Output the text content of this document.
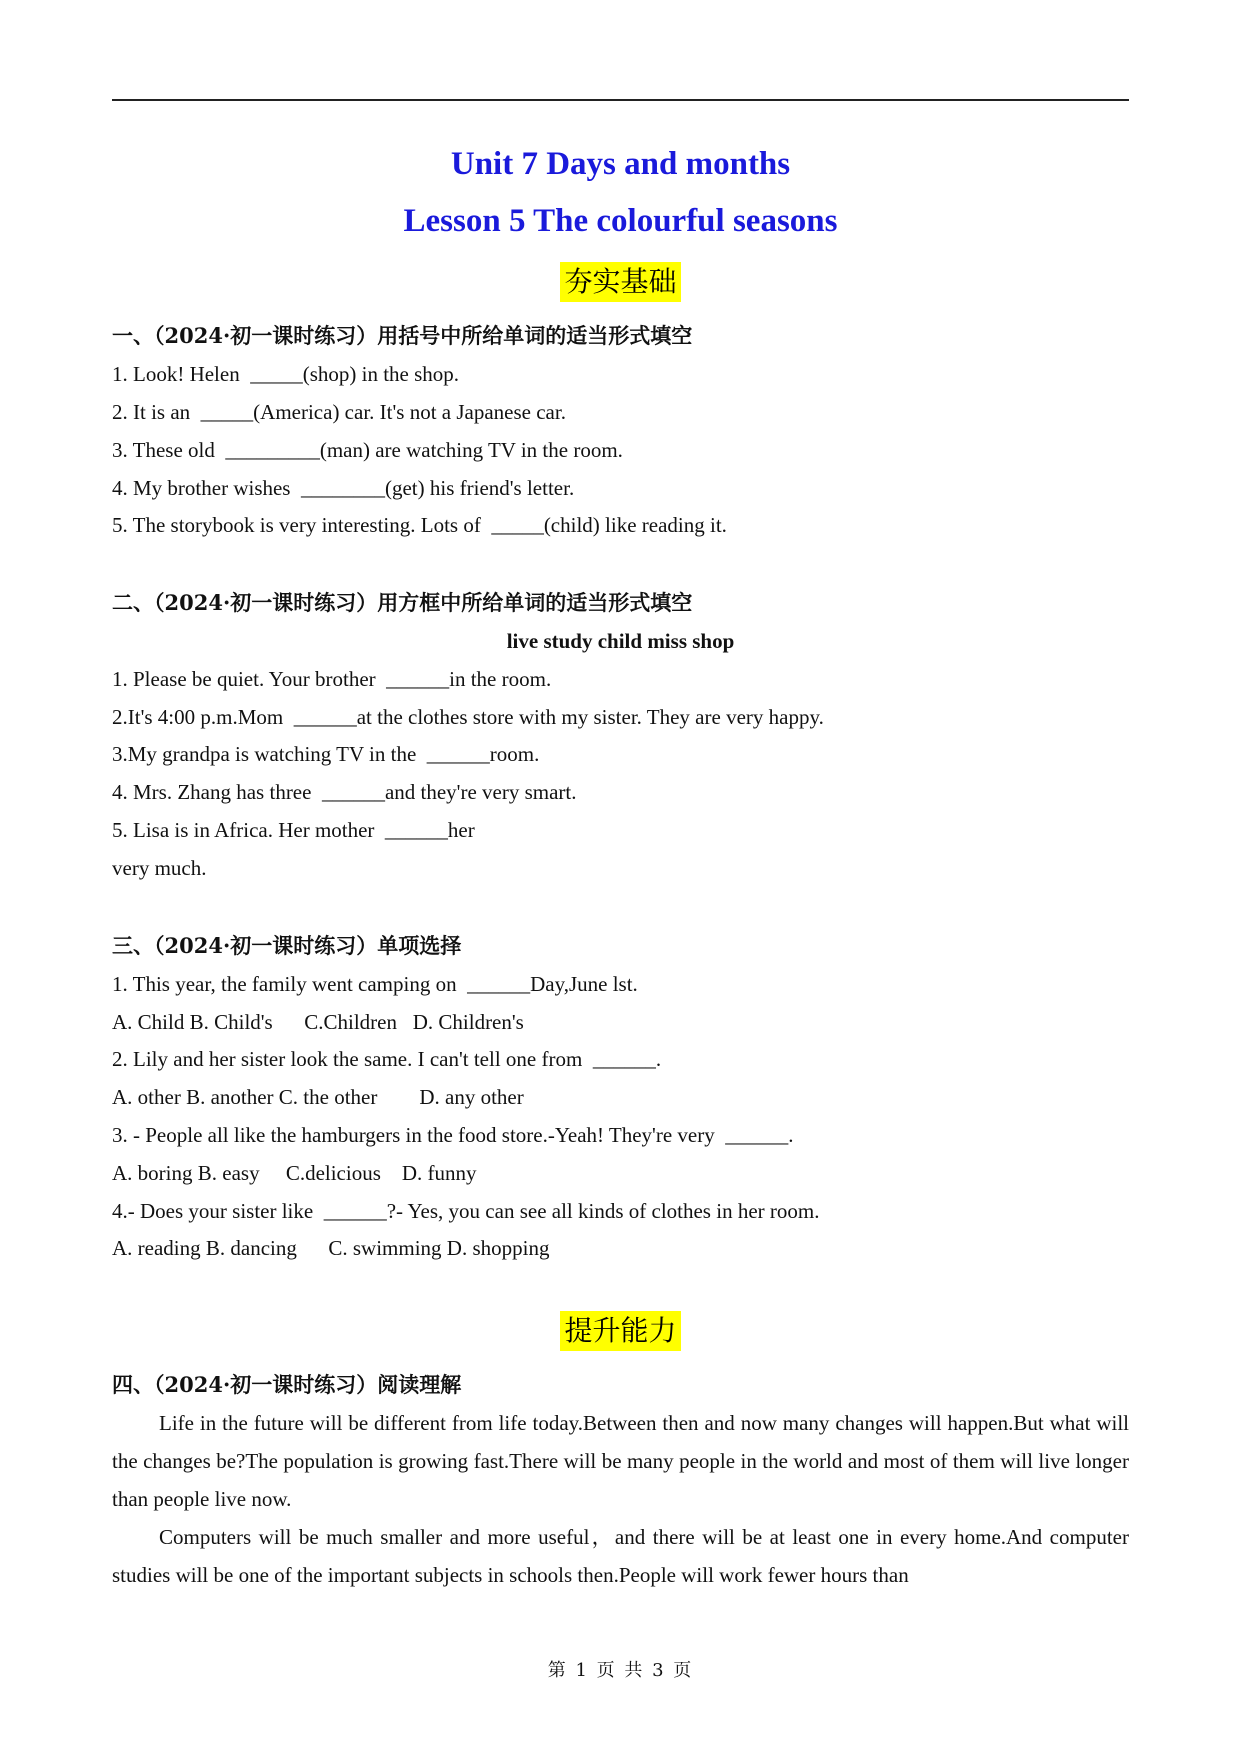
Unit 7 Days and months
Lesson 5 The colourful seasons
夯实基础
一、（2024·初一课时练习）用括号中所给单词的适当形式填空
1. Look! Helen  _____(shop) in the shop.
2. It is an  _____(America) car. It's not a Japanese car.
3. These old  _________(man) are watching TV in the room.
4. My brother wishes  ________(get) his friend's letter.
5. The storybook is very interesting. Lots of  _____(child) like reading it.
二、（2024·初一课时练习）用方框中所给单词的适当形式填空
live study child miss shop
1. Please be quiet. Your brother  ______in the room.
2.It's 4:00 p.m.Mom  ______at the clothes store with my sister. They are very happy.
3.My grandpa is watching TV in the  ______room.
4. Mrs. Zhang has three  ______and they're very smart.
5. Lisa is in Africa. Her mother  ______her
very much.
三、（2024·初一课时练习）单项选择
1. This year, the family went camping on  ______Day,June lst.
A. Child B. Child's      C.Children   D. Children's
2. Lily and her sister look the same. I can't tell one from  ______.
A. other B. another C. the other        D. any other
3. - People all like the hamburgers in the food store.-Yeah! They're very  ______.
A. boring B. easy     C.delicious    D. funny
4.- Does your sister like  ______?- Yes, you can see all kinds of clothes in her room.
A. reading B. dancing      C. swimming D. shopping
提升能力
四、（2024·初一课时练习）阅读理解
Life in the future will be different from life today.Between then and now many changes will happen.But what will the changes be?The population is growing fast.There will be many people in the world and most of them will live longer than people live now.
Computers will be much smaller and more useful，and there will be at least one in every home.And computer studies will be one of the important subjects in schools then.People will work fewer hours than
第 1 页 共 3 页
